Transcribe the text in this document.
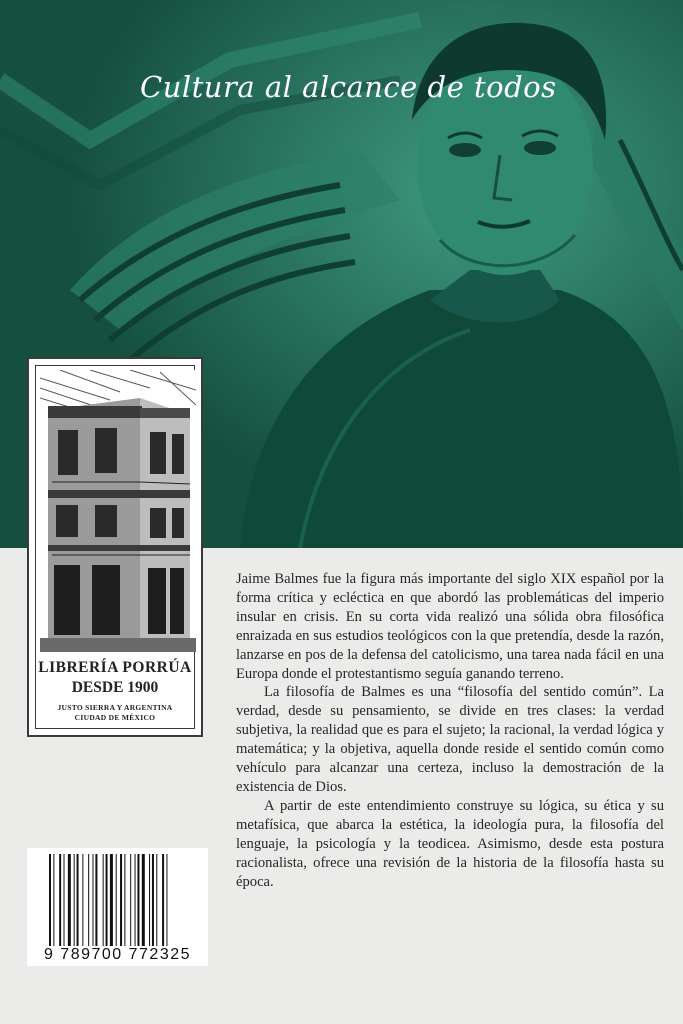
Cultura al alcance de todos
LIBRERÍA PORRÚA
DESDE 1900
JUSTO SIERRA Y ARGENTINA
CIUDAD DE MÉXICO

Jaime Balmes fue la figura más importante del siglo XIX español por la forma crítica y ecléctica en que abordó las problemáticas del imperio insular en crisis. En su corta vida realizó una sólida obra filosófica enraizada en sus estudios teológicos con la que pretendía, desde la razón, lanzarse en pos de la defensa del catolicismo, una tarea nada fácil en una Europa donde el protestantismo seguía ganando terreno.

La filosofía de Balmes es una “filosofía del sentido común”. La verdad, desde su pensamiento, se divide en tres clases: la verdad subjetiva, la realidad que es para el sujeto; la racional, la verdad lógica y matemática; y la objetiva, aquella donde reside el sentido común como vehículo para alcanzar una certeza, incluso la demostración de la existencia de Dios.

A partir de este entendimiento construye su lógica, su ética y su metafísica, que abarca la estética, la ideología pura, la filosofía del lenguaje, la psicología y la teodicea. Asimismo, desde esta postura racionalista, ofrece una revisión de la historia de la filosofía hasta su época.

9 789700 772325
